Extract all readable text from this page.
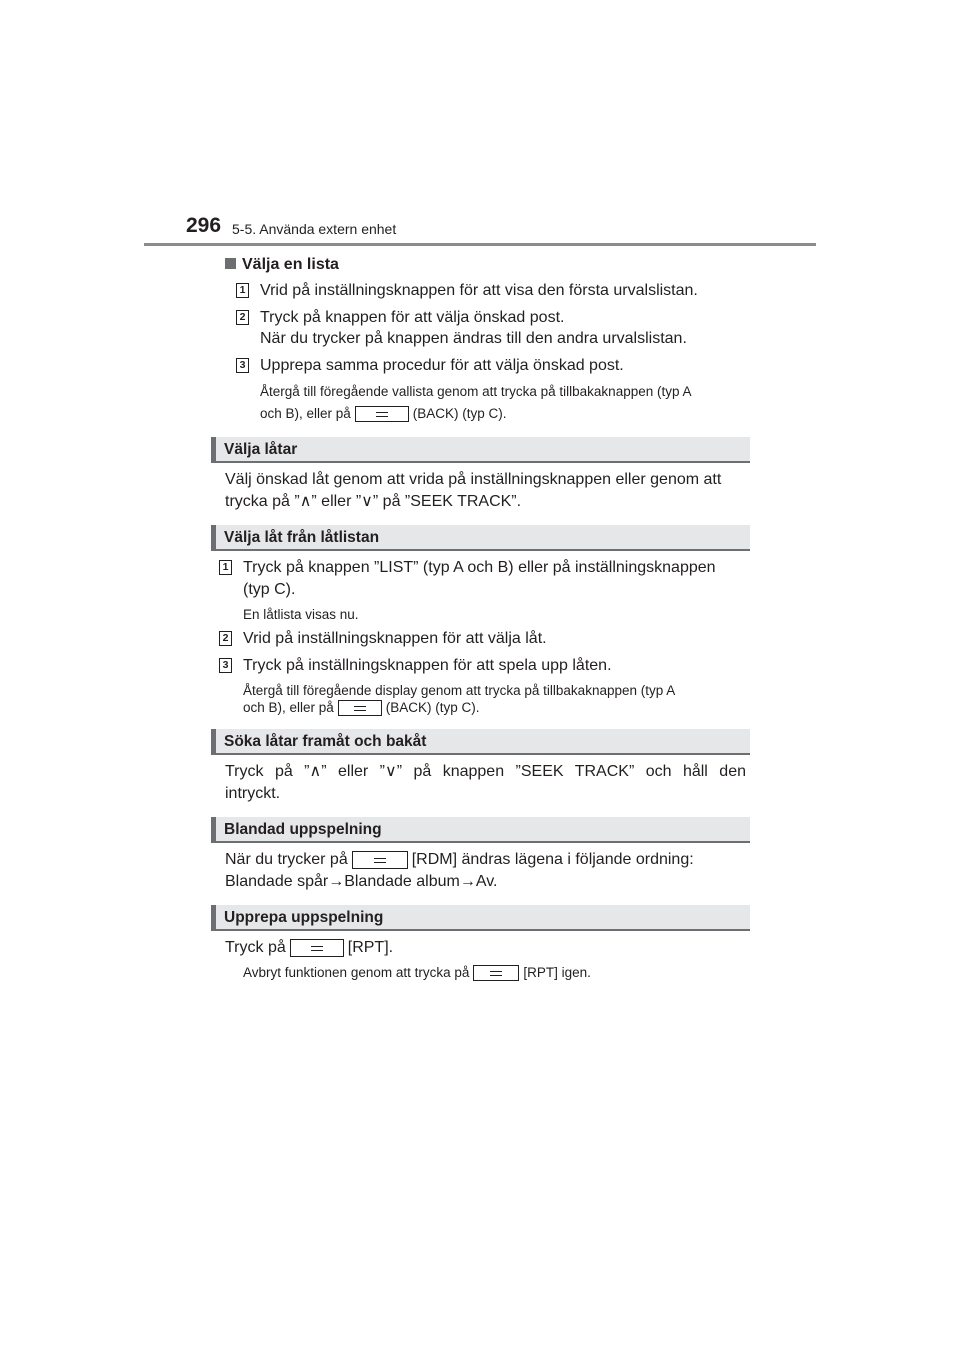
296 5-5. Använda extern enhet
Välja en lista
1 Vrid på inställningsknappen för att visa den första urvalslistan.
2 Tryck på knappen för att välja önskad post.
När du trycker på knappen ändras till den andra urvalslistan.
3 Upprepa samma procedur för att välja önskad post.
Återgå till föregående vallista genom att trycka på tillbakaknappen (typ A
och B), eller på	(BACK) (typ C).
Välja låtar
Välj önskad låt genom att vrida på inställningsknappen eller genom att
trycka på ”∧” eller ”∨” på ”SEEK TRACK”.
Välja låt från låtlistan
1 Tryck på knappen ”LIST” (typ A och B) eller på inställningsknappen
(typ C).
En låtlista visas nu.
2 Vrid på inställningsknappen för att välja låt.
3 Tryck på inställningsknappen för att spela upp låten.
Återgå till föregående display genom att trycka på tillbakaknappen (typ A
och B), eller på	(BACK) (typ C).
Söka låtar framåt och bakåt
Tryck på ”∧” eller ”∨” på knappen ”SEEK TRACK” och håll den
intryckt.
Blandad uppspelning
När du trycker på	[RDM] ändras lägena i följande ordning:
Blandade spår→Blandade album→Av.
Upprepa uppspelning
Tryck på	[RPT].
Avbryt funktionen genom att trycka på	[RPT] igen.
